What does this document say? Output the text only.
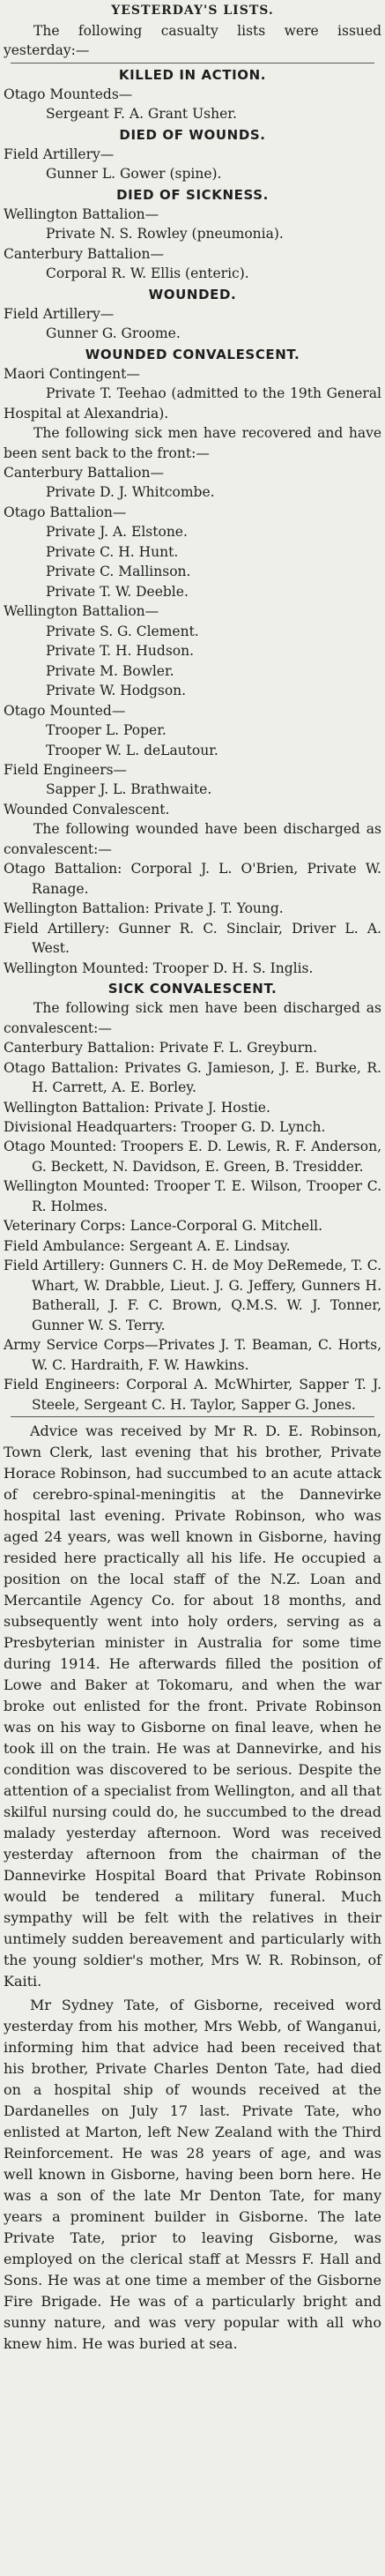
YESTERDAY'S LISTS.

The following casualty lists were issued yesterday:—

KILLED IN ACTION.

Otago Mounteds—

Sergeant F. A. Grant Usher.

DIED OF WOUNDS.

Field Artillery—

Gunner L. Gower (spine).

DIED OF SICKNESS.

Wellington Battalion—

Private N. S. Rowley (pneumonia).

Canterbury Battalion—

Corporal R. W. Ellis (enteric).

WOUNDED.

Field Artillery—

Gunner G. Groome.

WOUNDED CONVALESCENT.

Maori Contingent—

Private T. Teehao (admitted to the 19th General Hospital at Alexandria).

The following sick men have recovered and have been sent back to the front:—

Canterbury Battalion—

Private D. J. Whitcombe.

Otago Battalion—

Private J. A. Elstone.

Private C. H. Hunt.

Private C. Mallinson.

Private T. W. Deeble.

Wellington Battalion—

Private S. G. Clement.

Private T. H. Hudson.

Private M. Bowler.

Private W. Hodgson.

Otago Mounted—

Trooper L. Poper.

Trooper W. L. deLautour.

Field Engineers—

Sapper J. L. Brathwaite.

Wounded Convalescent.

The following wounded have been discharged as convalescent:—

Otago Battalion: Corporal J. L. O'Brien, Private W. Ranage.

Wellington Battalion: Private J. T. Young.

Field Artillery: Gunner R. C. Sinclair, Driver L. A. West.

Wellington Mounted: Trooper D. H. S. Inglis.

SICK CONVALESCENT.

The following sick men have been discharged as convalescent:—

Canterbury Battalion: Private F. L. Greyburn.

Otago Battalion: Privates G. Jamieson, J. E. Burke, R. H. Carrett, A. E. Borley.

Wellington Battalion: Private J. Hostie.

Divisional Headquarters: Trooper G. D. Lynch.

Otago Mounted: Troopers E. D. Lewis, R. F. Anderson, G. Beckett, N. Davidson, E. Green, B. Tresidder.

Wellington Mounted: Trooper T. E. Wilson, Trooper C. R. Holmes.

Veterinary Corps: Lance-Corporal G. Mitchell.

Field Ambulance: Sergeant A. E. Lindsay.

Field Artillery: Gunners C. H. de Moy DeRemede, T. C. Whart, W. Drabble, Lieut. J. G. Jeffery, Gunners H. Batherall, J. F. C. Brown, Q.M.S. W. J. Tonner, Gunner W. S. Terry.

Army Service Corps—Privates J. T. Beaman, C. Horts, W. C. Hardraith, F. W. Hawkins.

Field Engineers: Corporal A. McWhirter, Sapper T. J. Steele, Sergeant C. H. Taylor, Sapper G. Jones.

Advice was received by Mr R. D. E. Robinson, Town Clerk, last evening that his brother, Private Horace Robinson, had succumbed to an acute attack of cerebro-spinal-meningitis at the Dannevirke hospital last evening. Private Robinson, who was aged 24 years, was well known in Gisborne, having resided here practically all his life. He occupied a position on the local staff of the N.Z. Loan and Mercantile Agency Co. for about 18 months, and subsequently went into holy orders, serving as a Presbyterian minister in Australia for some time during 1914. He afterwards filled the position of Lowe and Baker at Tokomaru, and when the war broke out enlisted for the front. Private Robinson was on his way to Gisborne on final leave, when he took ill on the train. He was at Dannevirke, and his condition was discovered to be serious. Despite the attention of a specialist from Wellington, and all that skilful nursing could do, he succumbed to the dread malady yesterday afternoon. Word was received yesterday afternoon from the chairman of the Dannevirke Hospital Board that Private Robinson would be tendered a military funeral. Much sympathy will be felt with the relatives in their untimely sudden bereavement and particularly with the young soldier's mother, Mrs W. R. Robinson, of Kaiti.

Mr Sydney Tate, of Gisborne, received word yesterday from his mother, Mrs Webb, of Wanganui, informing him that advice had been received that his brother, Private Charles Denton Tate, had died on a hospital ship of wounds received at the Dardanelles on July 17 last. Private Tate, who enlisted at Marton, left New Zealand with the Third Reinforcement. He was 28 years of age, and was well known in Gisborne, having been born here. He was a son of the late Mr Denton Tate, for many years a prominent builder in Gisborne. The late Private Tate, prior to leaving Gisborne, was employed on the clerical staff at Messrs F. Hall and Sons. He was at one time a member of the Gisborne Fire Brigade. He was of a particularly bright and sunny nature, and was very popular with all who knew him. He was buried at sea.
